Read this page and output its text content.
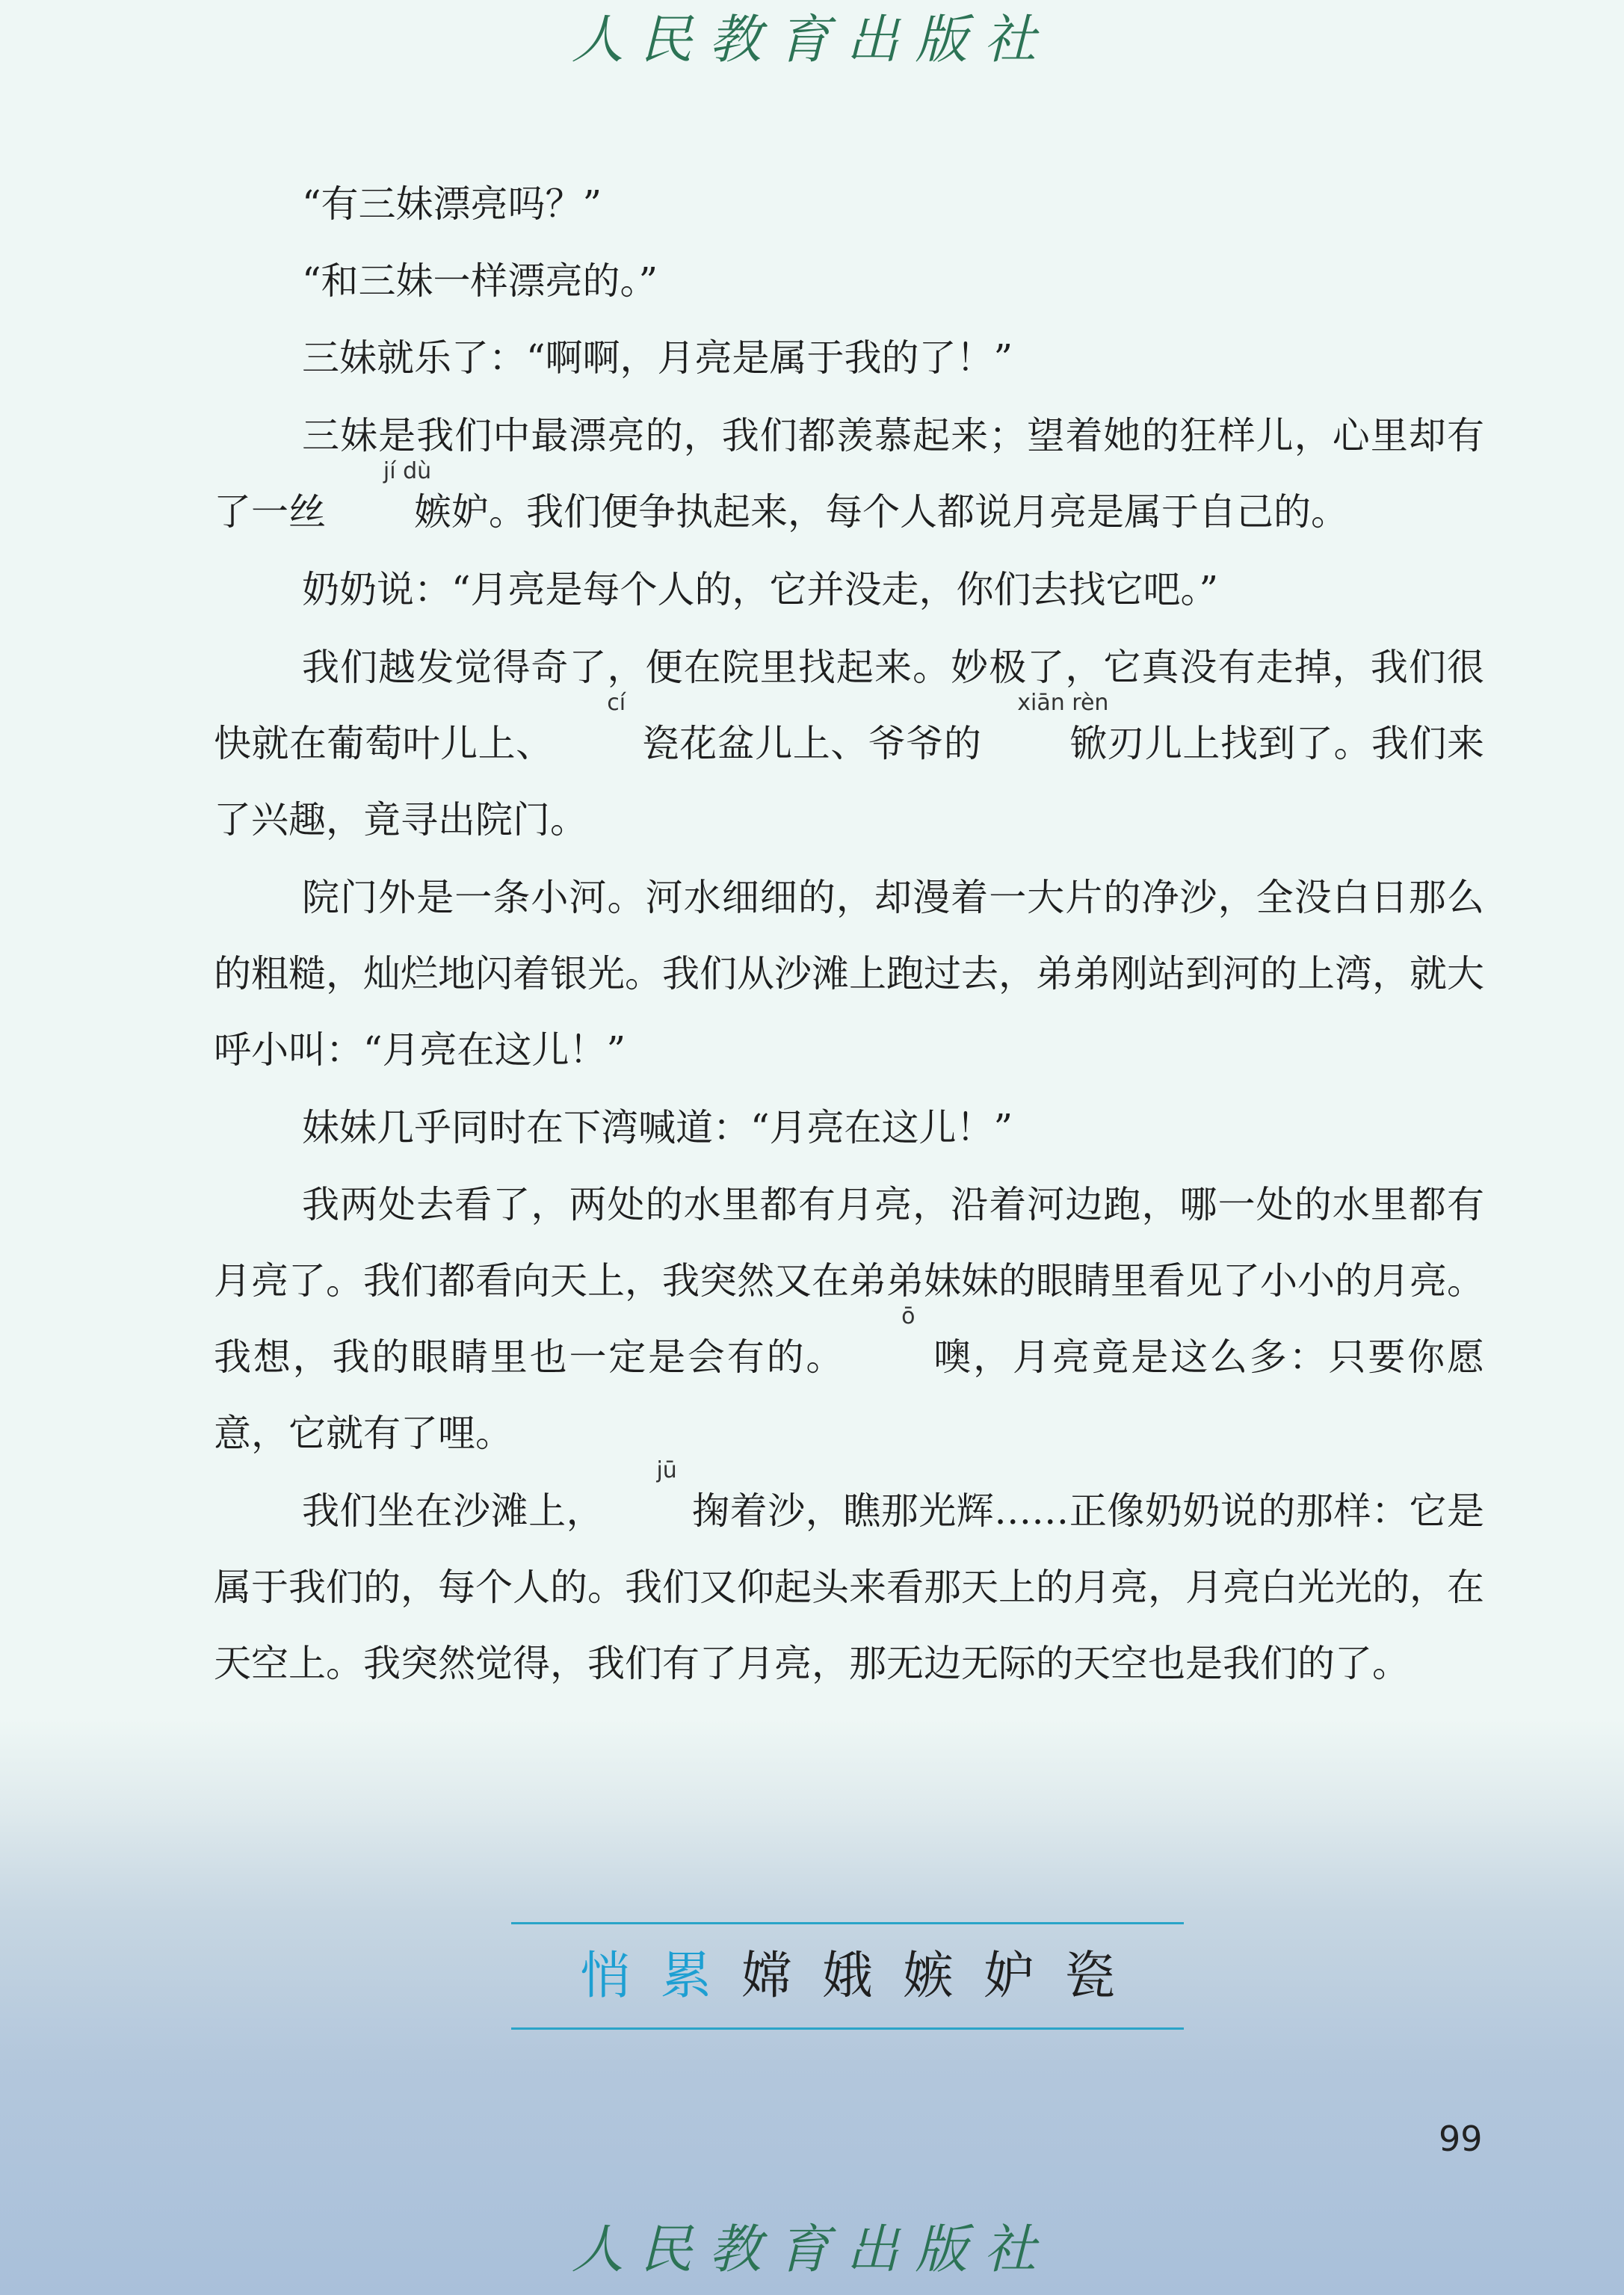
人民教育出版社

“有三妹漂亮吗？”

“和三妹一样漂亮的。”

三妹就乐了：“啊啊，月亮是属于我的了！”

三妹是我们中最漂亮的，我们都羡慕起来；望着她的狂样儿，心里却有了一丝
jí dù
嫉妒。我们便争执起来，每个人都说月亮是属于自己的。

奶奶说：“月亮是每个人的，它并没走，你们去找它吧。”

我们越发觉得奇了，便在院里找起来。妙极了，它真没有走掉，我们很快就在葡萄叶儿上、
cí
瓷花盆儿上、爷爷的
xiān rèn
锨刃儿上找到了。我们来了兴趣，竟寻出院门。

院门外是一条小河。河水细细的，却漫着一大片的净沙，全没白日那么的粗糙，灿烂地闪着银光。我们从沙滩上跑过去，弟弟刚站到河的上湾，就大呼小叫：“月亮在这儿！”

妹妹几乎同时在下湾喊道：“月亮在这儿！”

我两处去看了，两处的水里都有月亮，沿着河边跑，哪一处的水里都有月亮了。我们都看向天上，我突然又在弟弟妹妹的眼睛里看见了小小的月亮。我想，我的眼睛里也一定是会有的。
ō
噢，月亮竟是这么多：只要你愿意，它就有了哩。

我们坐在沙滩上，
jū
掬着沙，瞧那光辉……正像奶奶说的那样：它是属于我们的，每个人的。我们又仰起头来看那天上的月亮，月亮白光光的，在天空上。我突然觉得，我们有了月亮，那无边无际的天空也是我们的了。

悄累嫦娥嫉妒瓷
99
人民教育出版社
